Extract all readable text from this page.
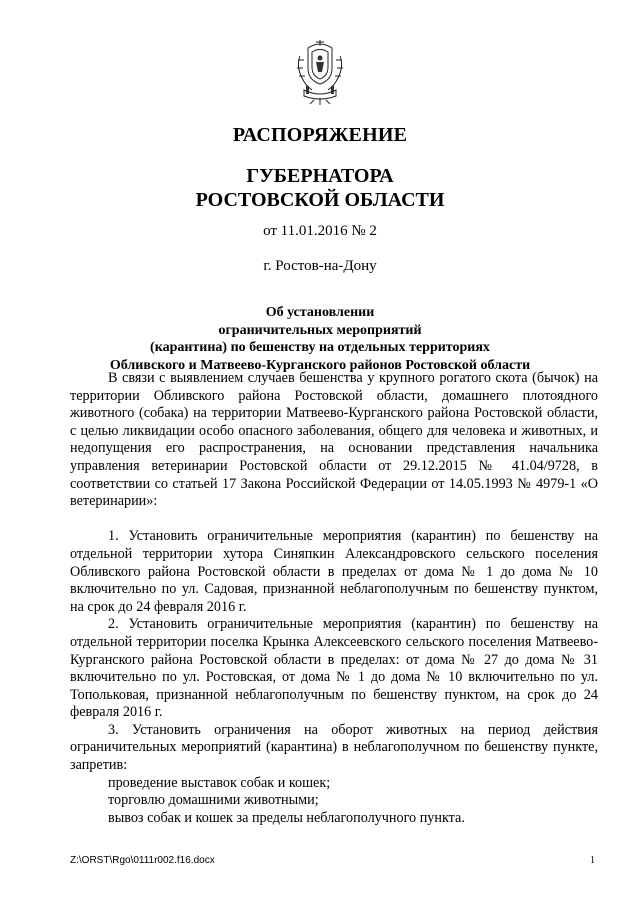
РАСПОРЯЖЕНИЕ
ГУБЕРНАТОРА
РОСТОВСКОЙ ОБЛАСТИ
от 11.01.2016 № 2
г. Ростов-на-Дону
Об установлении
ограничительных мероприятий
(карантина) по бешенству на отдельных территориях
Обливского и Матвеево-Курганского районов Ростовской области

В связи с выявлением случаев бешенства у крупного рогатого скота (бычок) на территории Обливского района Ростовской области, домашнего плотоядного животного (собака) на территории Матвеево-Курганского района Ростовской области, с целью ликвидации особо опасного заболевания, общего для человека и животных, и недопущения его распространения, на основании представления начальника управления ветеринарии Ростовской области от 29.12.2015 № 41.04/9728, в соответствии со статьей 17 Закона Российской Федерации от 14.05.1993 № 4979-1 «О ветеринарии»:

1. Установить ограничительные мероприятия (карантин) по бешенству на отдельной территории хутора Синяпкин Александровского сельского поселения Обливского района Ростовской области в пределах от дома № 1 до дома № 10 включительно по ул. Садовая, признанной неблагополучным по бешенству пунктом, на срок до 24 февраля 2016 г.

2. Установить ограничительные мероприятия (карантин) по бешенству на отдельной территории поселка Крынка Алексеевского сельского поселения Матвеево-Курганского района Ростовской области в пределах: от дома № 27 до дома № 31 включительно по ул. Ростовская, от дома № 1 до дома № 10 включительно по ул. Топольковая, признанной неблагополучным по бешенству пунктом, на срок до 24 февраля 2016 г.

3. Установить ограничения на оборот животных на период действия ограничительных мероприятий (карантина) в неблагополучном по бешенству пункте, запретив:

проведение выставок собак и кошек;

торговлю домашними животными;

вывоз собак и кошек за пределы неблагополучного пункта.

Z:\ORST\Rgo\0111r002.f16.docx	1
